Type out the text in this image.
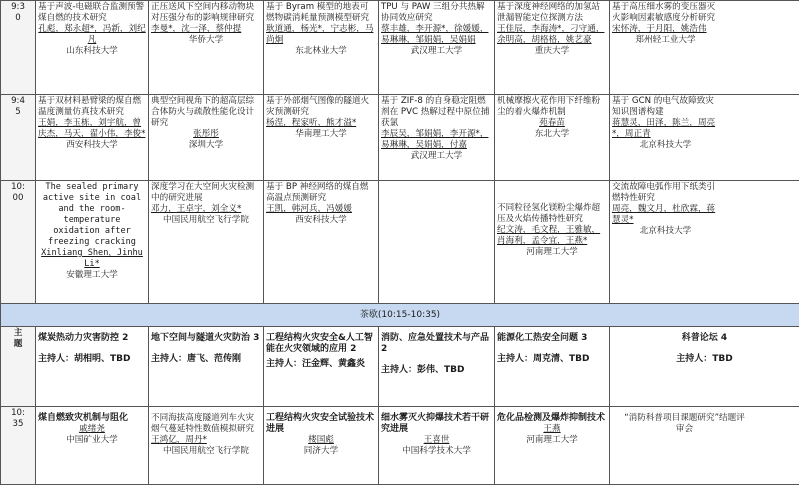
9:3
0	基于声波-电磁联合监测预警煤自燃的技术研究
孔彪，郑永超*，冯新，刘纪凡
山东科技大学	正压送风下空间内移动物块对压强分布的影响规律研究
李曼*，沈一泽，蔡仲提
华侨大学	基于 Byram 模型的地表可燃物碳消耗量预测模型研究
耿道通，杨光*，宁志彬，马尚炯
东北林业大学	TPU 与 PAW 三组分共热解协同效应研究
蔡丰雄，李开源*，徐媛媛，易琳琳，邹娟娟，吴娟娟
武汉理工大学	基于深度神经网络的加氢站泄漏智能定位探测方法
王佳辰，李海涛*，刁守通，余明高，胡格格，姚艺豪
重庆大学	基于高压细水雾的变压器灭火影响因素敏感度分析研究
宋怀涛，于月阳，姚浩伟
郑州轻工业大学

9:4
5	基于双材料悬臂梁的煤自燃温度测量仿真技术研究
王娟，李玉栋，刘宇航，曾庆杰，马天，翟小伟，李俊*
西安科技大学	典型空间视角下的超高层综合体防火与疏散性能化设计研究
张彤彤
深圳大学	基于外部烟气图像的隧道火灾预测研究
杨涅，程家听，熊才溢*
华南理工大学	基于 ZIF-8 的自身稳定阻燃剂在 PVC 热解过程中原位捕获氯
李辰吴，邹娟娟，李开源*，易琳琳，吴娟娟，付嘉
武汉理工大学	机械摩擦火花作用下纤维粉尘的着火爆炸机制
苑春苗
东北大学	基于 GCN 的电气故障致灾知识图谱构建
蒋慧灵，田泽，陈兰，周亮*，周正青
北京科技大学

10:
00	The sealed primary active site in coal and the room-temperature oxidation after freezing cracking
Xinliang Shen，Jinhu Li*
安徽理工大学	深度学习在大空间火灾检测中的研究进展
邓力，王卓宇，刘全义*
中国民用航空飞行学院	基于 BP 神经网络的煤自燃高温点预测研究
王凯，韩河兵，冯媛媛
西安科技大学		不同粒径氢化镁粉尘爆炸超压及火焰传播特性研究
纪文涛，毛文程，王雅敏，肖海利，孟令宜，王燕*
河南理工大学	交流故障电弧作用下纸类引燃特性研究
周亮，魏文月，杜欣霖，蒋慧灵*
北京科技大学

茶歇(10:15-10:35)						
主
题	煤炭热动力灾害防控 2
主持人：胡相明、TBD	地下空间与隧道火灾防治 3
主持人：唐飞、范传刚	工程结构火灾安全&人工智能在火灾领域的应用 2
主持人：汪金辉、黄鑫炎	消防、应急处置技术与产品 2
主持人：彭伟、TBD	能源化工热安全问题 3
主持人：周克清、TBD	科普论坛 4
主持人：TBD

10:
35	煤自燃致灾机制与阻化
戚绪尧
中国矿业大学	不同海拔高度隧道列车火灾烟气蔓延特性数值模拟研究
王鸿亿，周丹*
中国民用航空飞行学院	工程结构火灾安全试验技术进展
楼国彪
同济大学	细水雾灭火抑爆技术若干研究进展
王喜世
中国科学技术大学	危化品检测及爆炸抑制技术
王燕
河南理工大学	“消防科普项目课题研究”结题评审会
